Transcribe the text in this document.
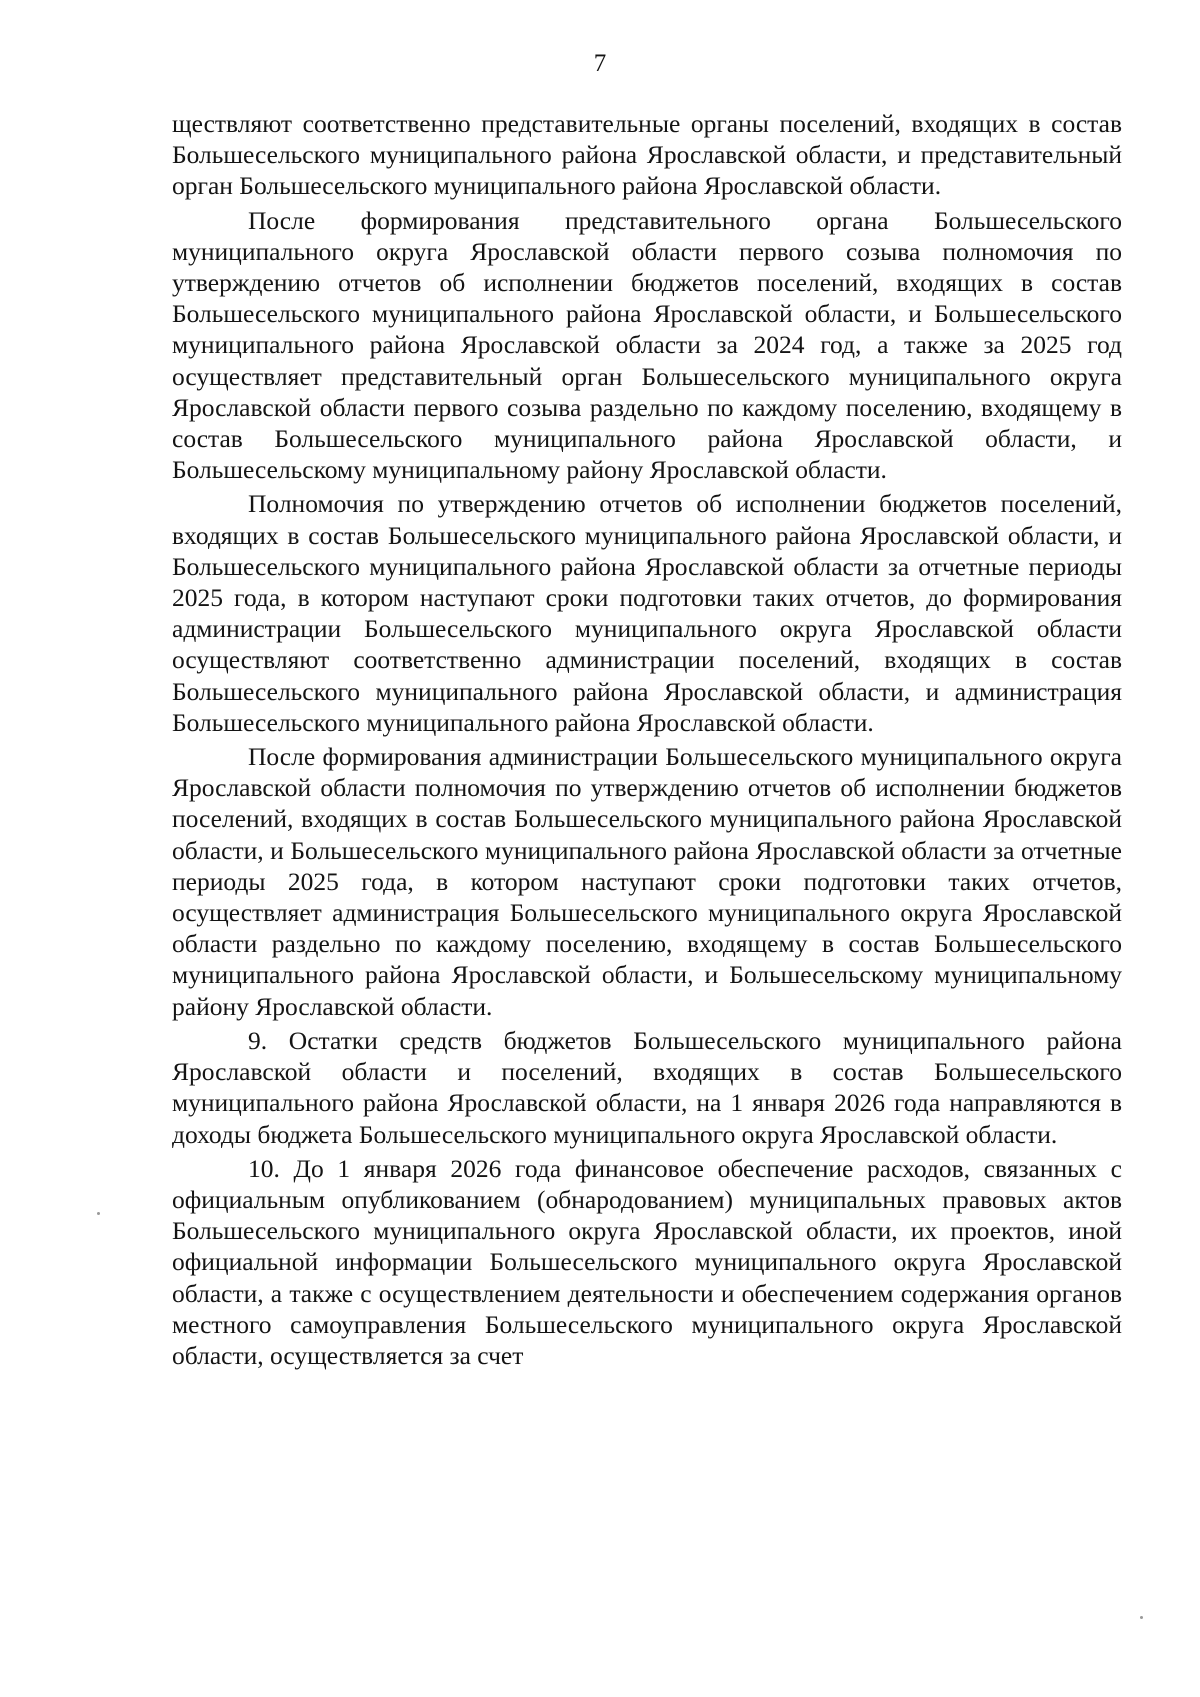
7

ществляют соответственно представительные органы поселений, входящих в состав Большесельского муниципального района Ярославской области, и представительный орган Большесельского муниципального района Ярославской области.

После формирования представительного органа Большесельского муниципального округа Ярославской области первого созыва полномочия по утверждению отчетов об исполнении бюджетов поселений, входящих в состав Большесельского муниципального района Ярославской области, и Большесельского муниципального района Ярославской области за 2024 год, а также за 2025 год осуществляет представительный орган Большесельского муниципального округа Ярославской области первого созыва раздельно по каждому поселению, входящему в состав Большесельского муниципального района Ярославской области, и Большесельскому муниципальному району Ярославской области.

Полномочия по утверждению отчетов об исполнении бюджетов поселений, входящих в состав Большесельского муниципального района Ярославской области, и Большесельского муниципального района Ярославской области за отчетные периоды 2025 года, в котором наступают сроки подготовки таких отчетов, до формирования администрации Большесельского муниципального округа Ярославской области осуществляют соответственно администрации поселений, входящих в состав Большесельского муниципального района Ярославской области, и администрация Большесельского муниципального района Ярославской области.

После формирования администрации Большесельского муниципального округа Ярославской области полномочия по утверждению отчетов об исполнении бюджетов поселений, входящих в состав Большесельского муниципального района Ярославской области, и Большесельского муниципального района Ярославской области за отчетные периоды 2025 года, в котором наступают сроки подготовки таких отчетов, осуществляет администрация Большесельского муниципального округа Ярославской области раздельно по каждому поселению, входящему в состав Большесельского муниципального района Ярославской области, и Большесельскому муниципальному району Ярославской области.

9. Остатки средств бюджетов Большесельского муниципального района Ярославской области и поселений, входящих в состав Большесельского муниципального района Ярославской области, на 1 января 2026 года направляются в доходы бюджета Большесельского муниципального округа Ярославской области.

10. До 1 января 2026 года финансовое обеспечение расходов, связанных с официальным опубликованием (обнародованием) муниципальных правовых актов Большесельского муниципального округа Ярославской области, их проектов, иной официальной информации Большесельского муниципального округа Ярославской области, а также с осуществлением деятельности и обеспечением содержания органов местного самоуправления Большесельского муниципального округа Ярославской области, осуществляется за счет
